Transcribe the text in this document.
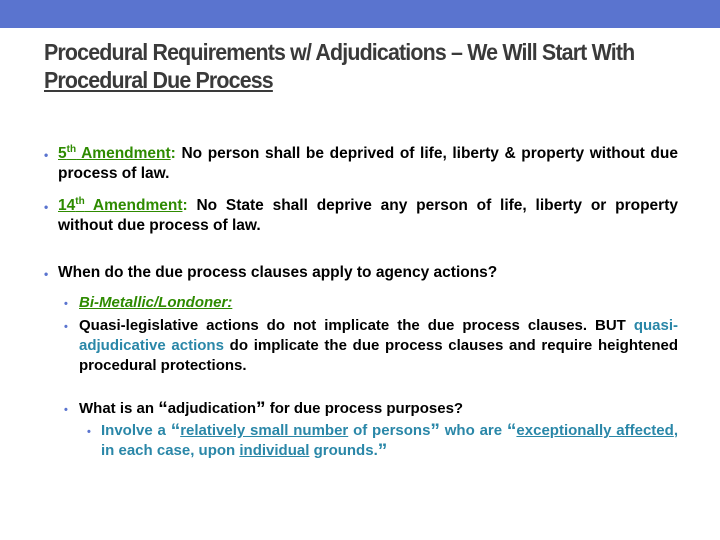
Procedural Requirements w/ Adjudications – We Will Start With Procedural Due Process
• 5th Amendment: No person shall be deprived of life, liberty & property without due process of law.
• 14th Amendment: No State shall deprive any person of life, liberty or property without due process of law.
• When do the due process clauses apply to agency actions?
• Bi-Metallic/Londoner:
• Quasi-legislative actions do not implicate the due process clauses. BUT quasi-adjudicative actions do implicate the due process clauses and require heightened procedural protections.
• What is an “adjudication” for due process purposes?
• Involve a “relatively small number of persons” who are “exceptionally affected, in each case, upon individual grounds.”
